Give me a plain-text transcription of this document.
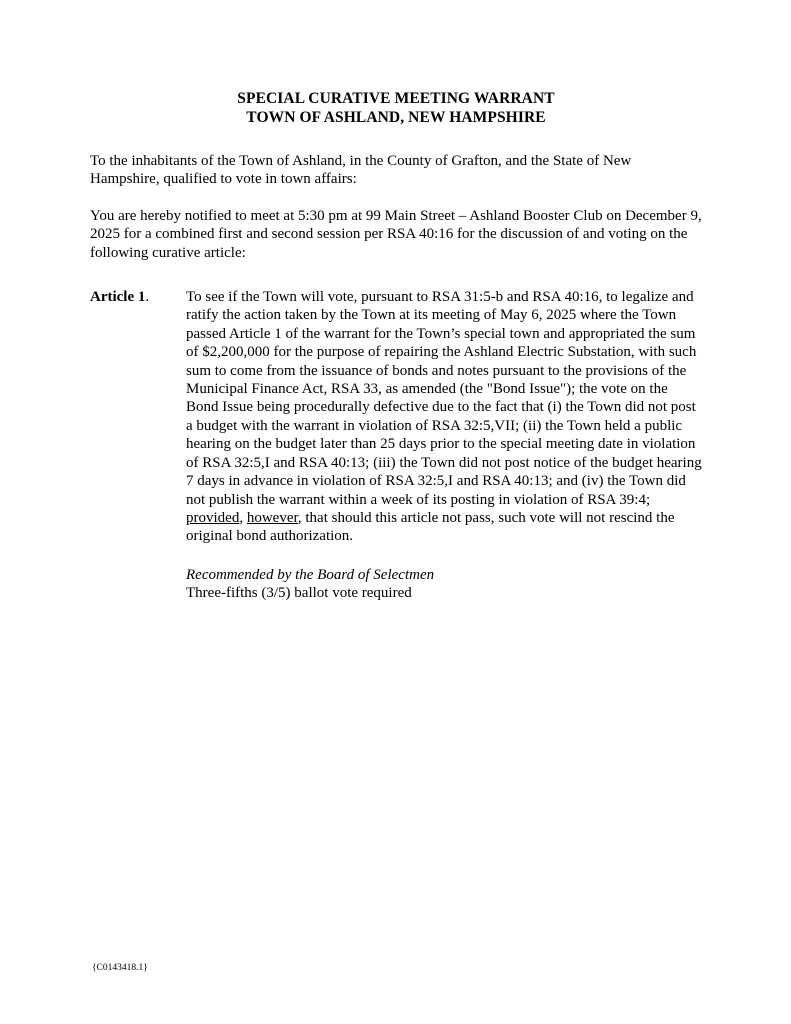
SPECIAL CURATIVE MEETING WARRANT
TOWN OF ASHLAND, NEW HAMPSHIRE

To the inhabitants of the Town of Ashland, in the County of Grafton, and the State of New Hampshire, qualified to vote in town affairs:

You are hereby notified to meet at 5:30 pm at 99 Main Street – Ashland Booster Club on December 9, 2025 for a combined first and second session per RSA 40:16 for the discussion of and voting on the following curative article:

Article 1.	To see if the Town will vote, pursuant to RSA 31:5-b and RSA 40:16, to legalize and ratify the action taken by the Town at its meeting of May 6, 2025 where the Town passed Article 1 of the warrant for the Town’s special town and appropriated the sum of $2,200,000 for the purpose of repairing the Ashland Electric Substation, with such sum to come from the issuance of bonds and notes pursuant to the provisions of the Municipal Finance Act, RSA 33, as amended (the "Bond Issue"); the vote on the Bond Issue being procedurally defective due to the fact that (i) the Town did not post a budget with the warrant in violation of RSA 32:5,VII; (ii) the Town held a public hearing on the budget later than 25 days prior to the special meeting date in violation of RSA 32:5,I and RSA 40:13; (iii) the Town did not post notice of the budget hearing 7 days in advance in violation of RSA 32:5,I and RSA 40:13; and (iv) the Town did not publish the warrant within a week of its posting in violation of RSA 39:4; provided, however, that should this article not pass, such vote will not rescind the original bond authorization.
Recommended by the Board of Selectmen
Three-fifths (3/5) ballot vote required
{C0143418.1}
